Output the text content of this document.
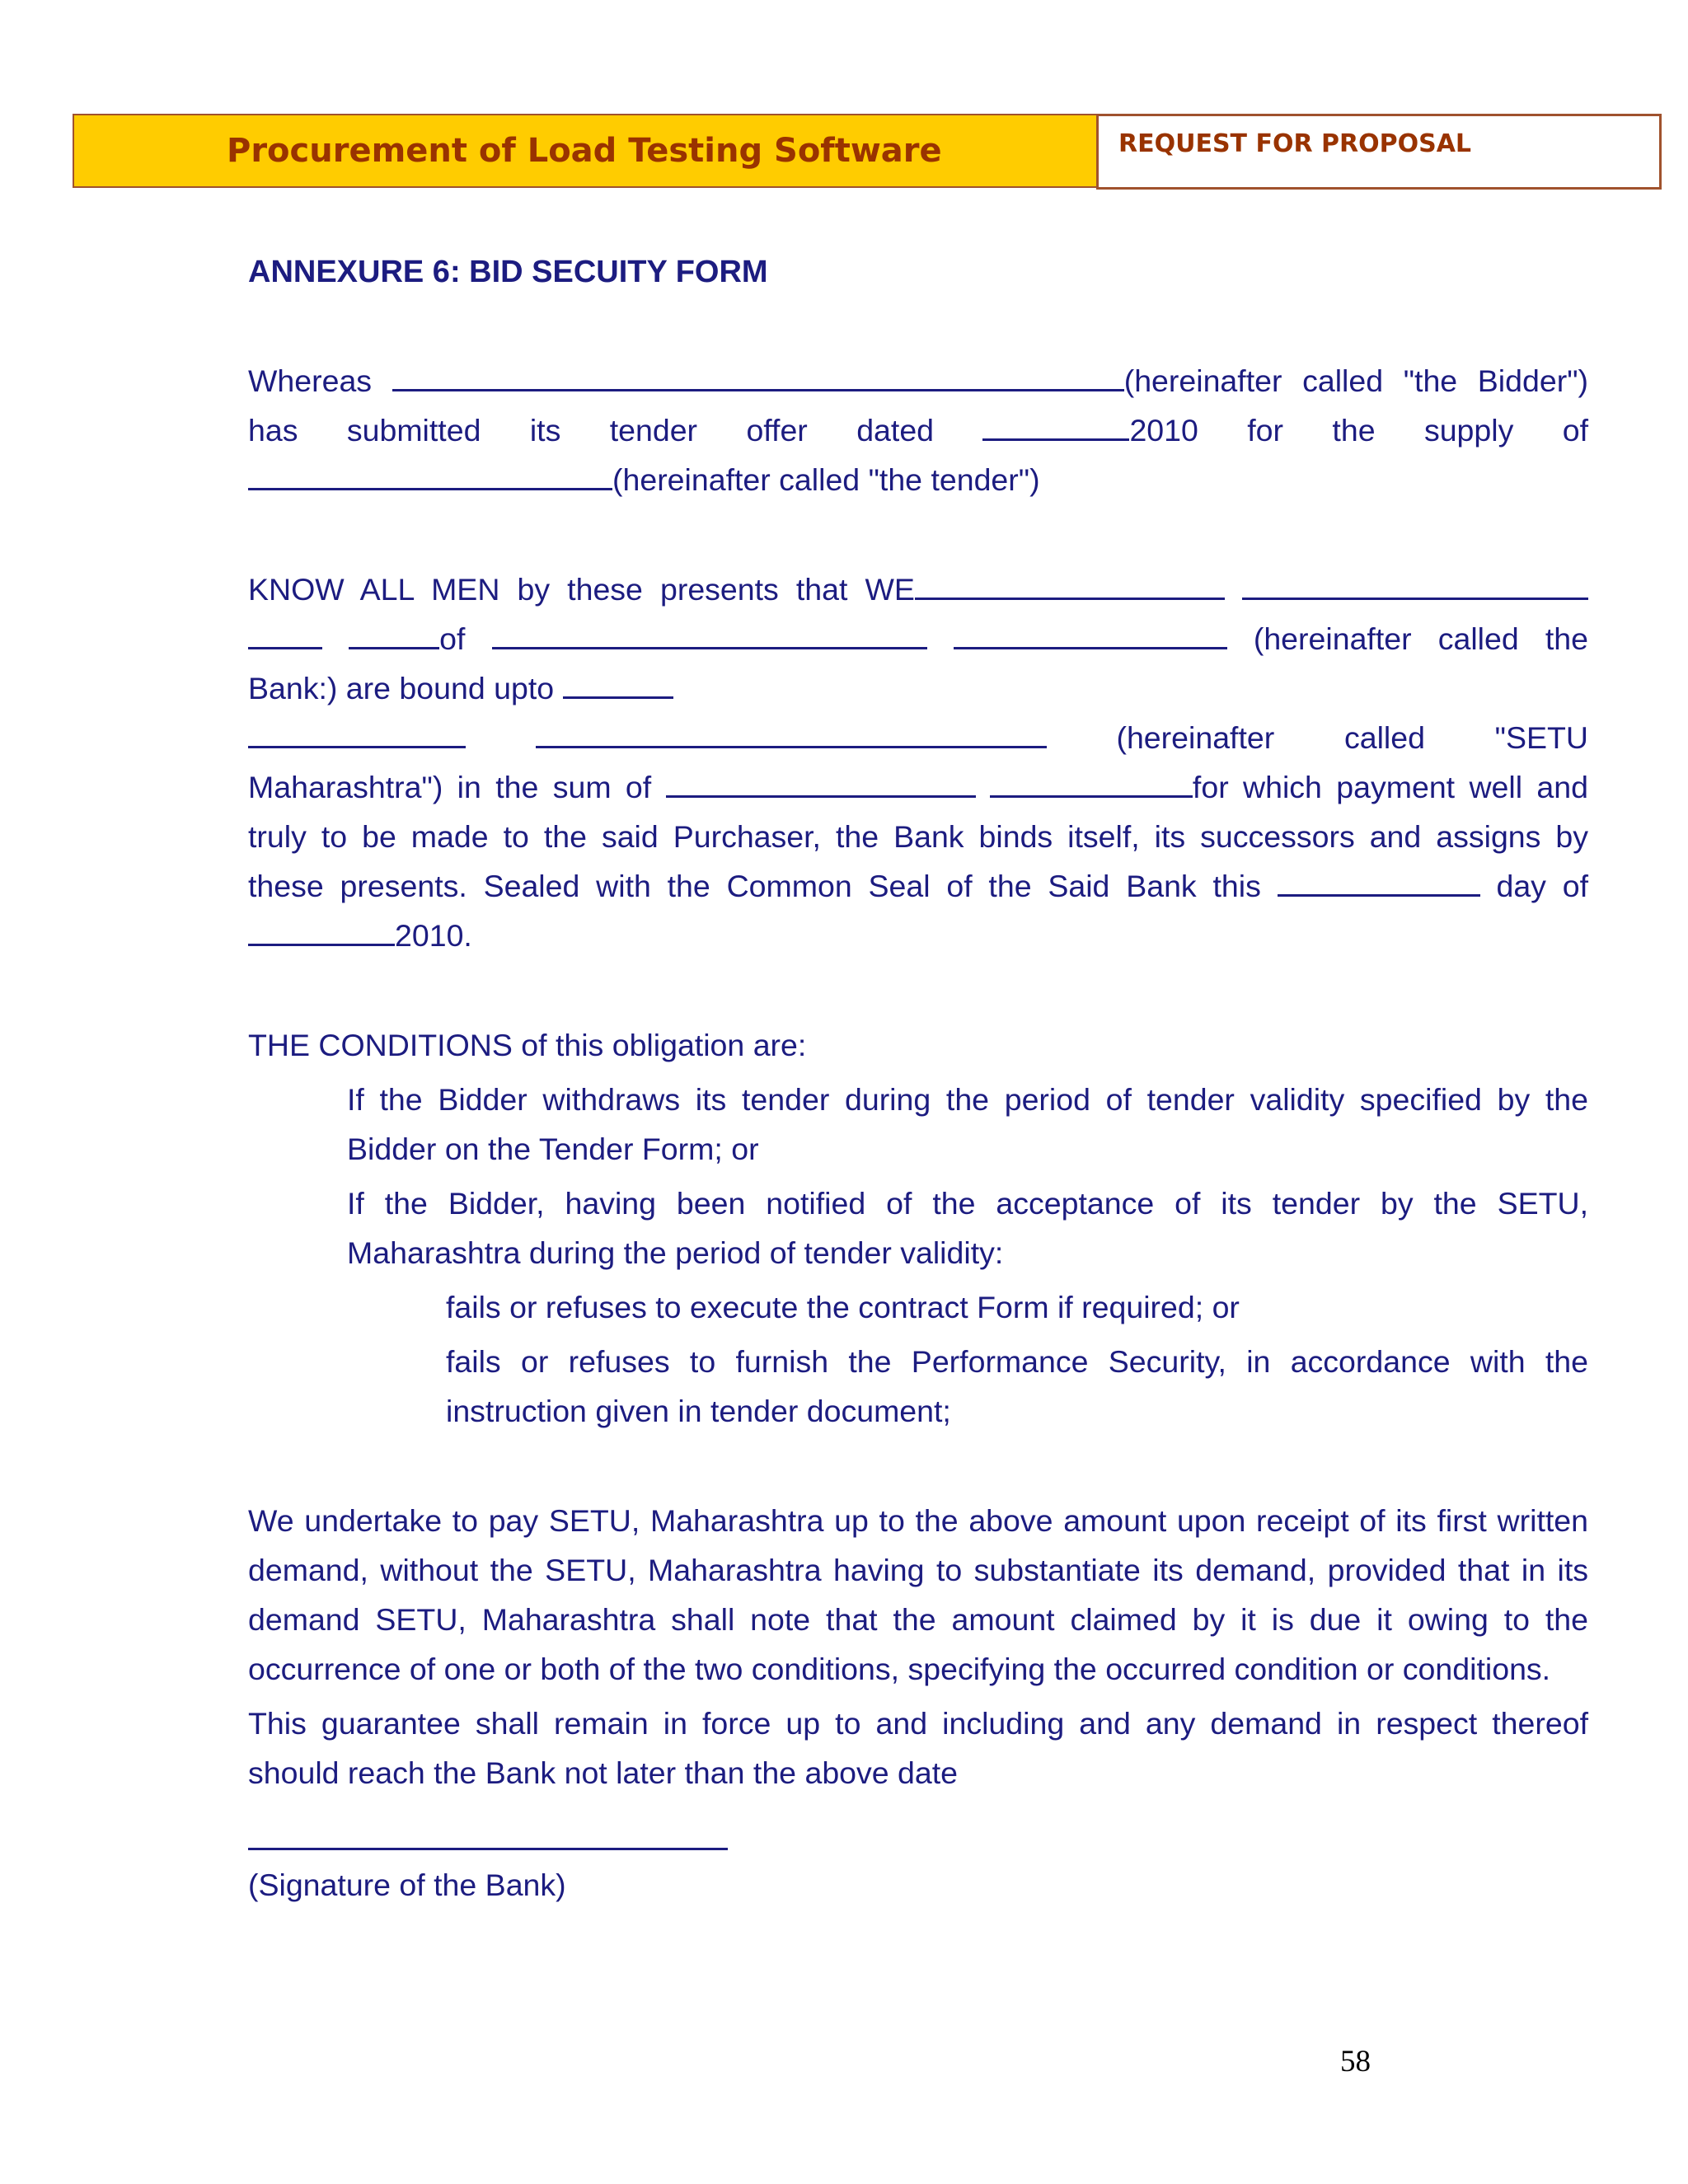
Procurement of Load Testing Software	REQUEST FOR PROPOSAL
ANNEXURE 6: BID SECUITY FORM
Whereas	(hereinafter called "the Bidder")
has submitted its tender offer dated	2010 for the supply of
(hereinafter called "the tender")
KNOW ALL MEN by these presents that WE
of	(hereinafter called the
Bank:) are bound upto
(hereinafter called "SETU
Maharashtra") in the sum of	for which payment well and
truly to be made to the said Purchaser, the Bank binds itself, its successors and assigns by
these presents. Sealed with the Common Seal of the Said Bank this	day of
2010.
THE CONDITIONS of this obligation are:
If the Bidder withdraws its tender during the period of tender validity specified by the Bidder on the Tender Form; or
If the Bidder, having been notified of the acceptance of its tender by the SETU, Maharashtra during the period of tender validity:
fails or refuses to execute the contract Form if required; or
fails or refuses to furnish the Performance Security, in accordance with the instruction given in tender document;
We undertake to pay SETU, Maharashtra up to the above amount upon receipt of its first written demand, without the SETU, Maharashtra having to substantiate its demand, provided that in its demand SETU, Maharashtra shall note that the amount claimed by it is due it owing to the occurrence of one or both of the two conditions, specifying the occurred condition or conditions.
This guarantee shall remain in force up to and including and any demand in respect thereof should reach the Bank not later than the above date
(Signature of the Bank)
58
